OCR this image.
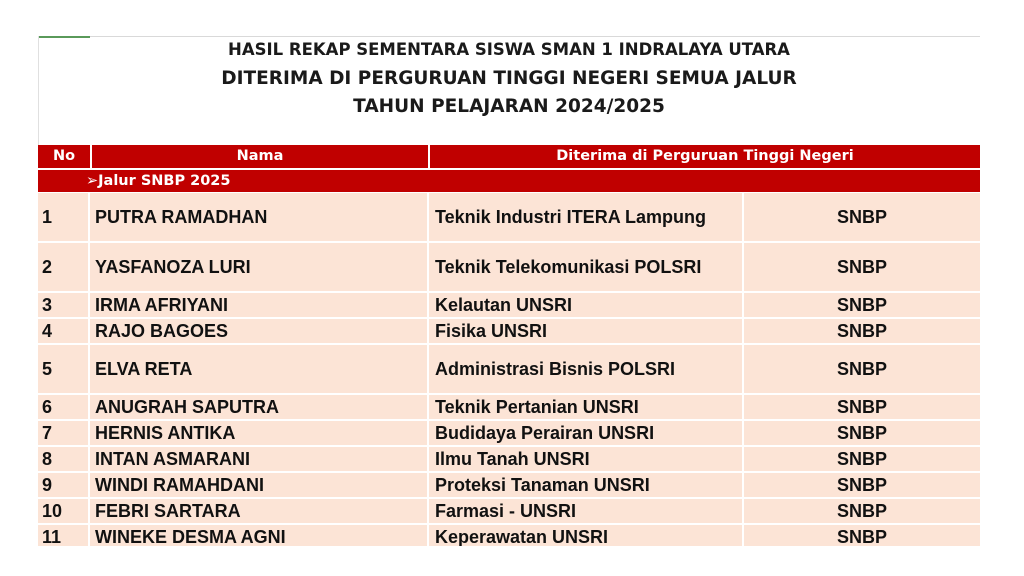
HASIL REKAP SEMENTARA SISWA SMAN 1 INDRALAYA UTARA
DITERIMA DI PERGURUAN TINGGI NEGERI SEMUA JALUR
TAHUN PELAJARAN 2024/2025
No	Nama	Diterima di Perguruan Tinggi Negeri
➢Jalur SNBP 2025
1	PUTRA RAMADHAN	Teknik Industri ITERA Lampung	SNBP
2	YASFANOZA LURI	Teknik Telekomunikasi POLSRI	SNBP
3	IRMA AFRIYANI	Kelautan UNSRI	SNBP
4	RAJO BAGOES	Fisika UNSRI	SNBP
5	ELVA RETA	Administrasi Bisnis POLSRI	SNBP
6	ANUGRAH SAPUTRA	Teknik Pertanian UNSRI	SNBP
7	HERNIS ANTIKA	Budidaya Perairan UNSRI	SNBP
8	INTAN ASMARANI	Ilmu Tanah UNSRI	SNBP
9	WINDI RAMAHDANI	Proteksi Tanaman UNSRI	SNBP
10	FEBRI SARTARA	Farmasi - UNSRI	SNBP
11	WINEKE DESMA AGNI	Keperawatan UNSRI	SNBP
